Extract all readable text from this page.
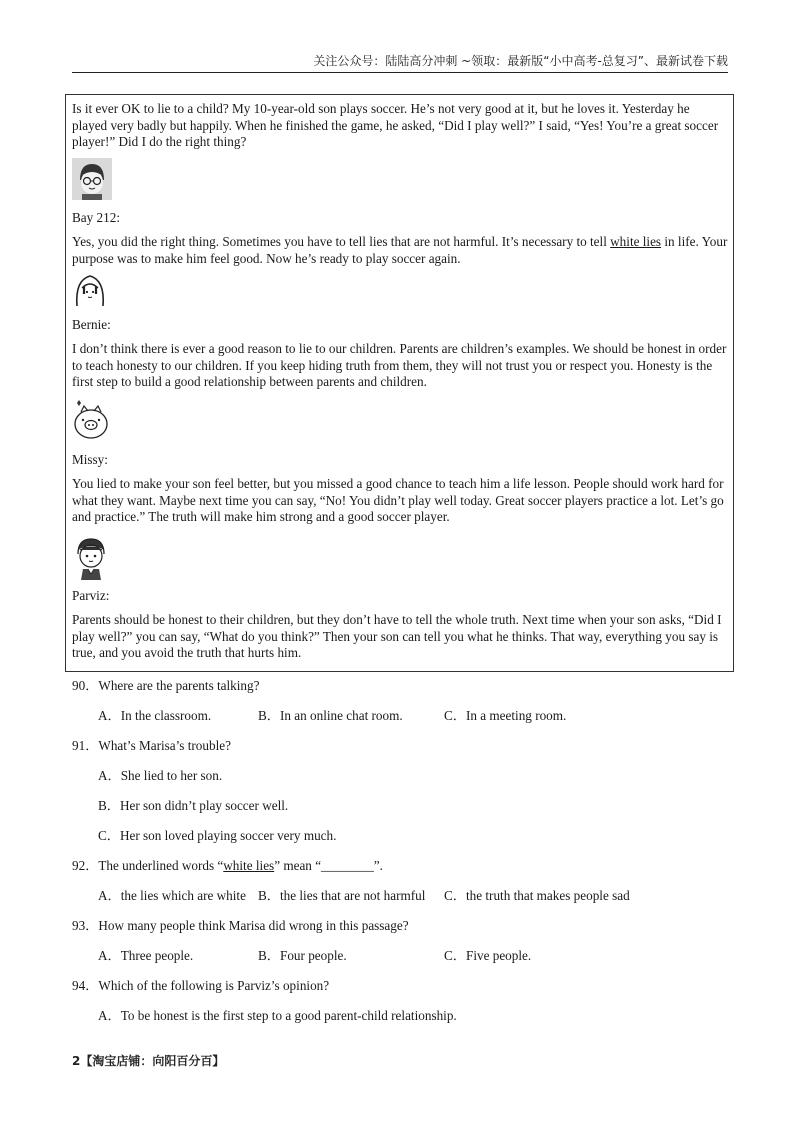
关注公众号：陆陆高分冲刺 ~领取：最新版“小中高考-总复习”、最新试卷下载

Is it ever OK to lie to a child? My 10-year-old son plays soccer. He’s not very good at it, but he loves it. Yesterday he played very badly but happily. When he finished the game, he asked, “Did I play well?” I said, “Yes! You’re a great soccer player!” Did I do the right thing?

Bay 212:

Yes, you did the right thing. Sometimes you have to tell lies that are not harmful. It’s necessary to tell white lies in life. Your purpose was to make him feel good. Now he’s ready to play soccer again.

Bernie:

I don’t think there is ever a good reason to lie to our children. Parents are children’s examples. We should be honest in order to teach honesty to our children. If you keep hiding truth from them, they will not trust you or respect you. Honesty is the first step to build a good relationship between parents and children.

Missy:

You lied to make your son feel better, but you missed a good chance to teach him a life lesson. People should work hard for what they want. Maybe next time you can say, “No! You didn’t play well today. Great soccer players practice a lot. Let’s go and practice.” The truth will make him strong and a good soccer player.

Parviz:

Parents should be honest to their children, but they don’t have to tell the whole truth. Next time when your son asks, “Did I play well?” you can say, “What do you think?” Then your son can tell you what he thinks. That way, everything you say is true, and you avoid the truth that hurts him.

90．Where are the parents talking?

A．In the classroom.	B．In an online chat room.	C．In a meeting room.

91．What’s Marisa’s trouble?

A．She lied to her son.

B．Her son didn’t play soccer well.

C．Her son loved playing soccer very much.

92．The underlined words “white lies” mean “________”.

A．the lies which are white B．the lies that are not harmful C．the truth that makes people sad

93．How many people think Marisa did wrong in this passage?

A．Three people.	B．Four people.	C．Five people.

94．Which of the following is Parviz’s opinion?

A．To be honest is the first step to a good parent-child relationship.

2【淘宝店铺：向阳百分百】
